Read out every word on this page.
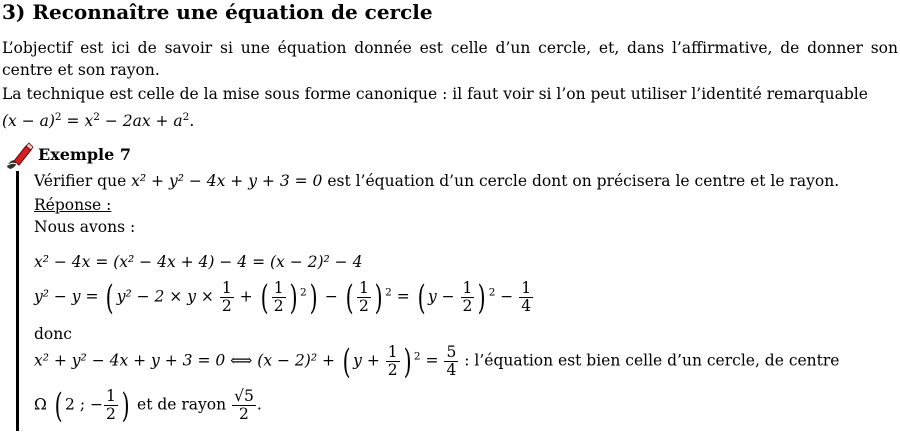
3) Reconnaître une équation de cercle
L’objectif est ici de savoir si une équation donnée est celle d’un cercle, et, dans l’affirmative, de donner son centre et son rayon.
La technique est celle de la mise sous forme canonique : il faut voir si l’on peut utiliser l’identité remarquable
$(x - a)^2 = x^2 - 2ax + a^2$.
Exemple 7
Vérifier que x² + y² − 4x + y + 3 = 0 est l’équation d’un cercle dont on précisera le centre et le rayon.
Réponse :
Nous avons :
x² − 4x = (x² − 4x + 4) − 4 = (x − 2)² − 4
y² − y = ( $y^2 - 2 \times y \times \frac{1}{2}$ + ( $\frac{1}{2}$ ) $^2$) − ( $\frac{1}{2}$ ) $^2$ = ( $y - \frac{1}{2}$ ) $^2 - \frac{1}{4}$
donc
x² + y² − 4x + y + 3 = 0 ⟺ (x − 2)² + ( $y + \frac{1}{2}$ ) $^2 = \frac{5}{4}$ : l’équation est bien celle d’un cercle, de centre
Ω ( 2 ; − $\frac{1}{2}$ ) et de rayon $\frac{√5}{2}$ .
